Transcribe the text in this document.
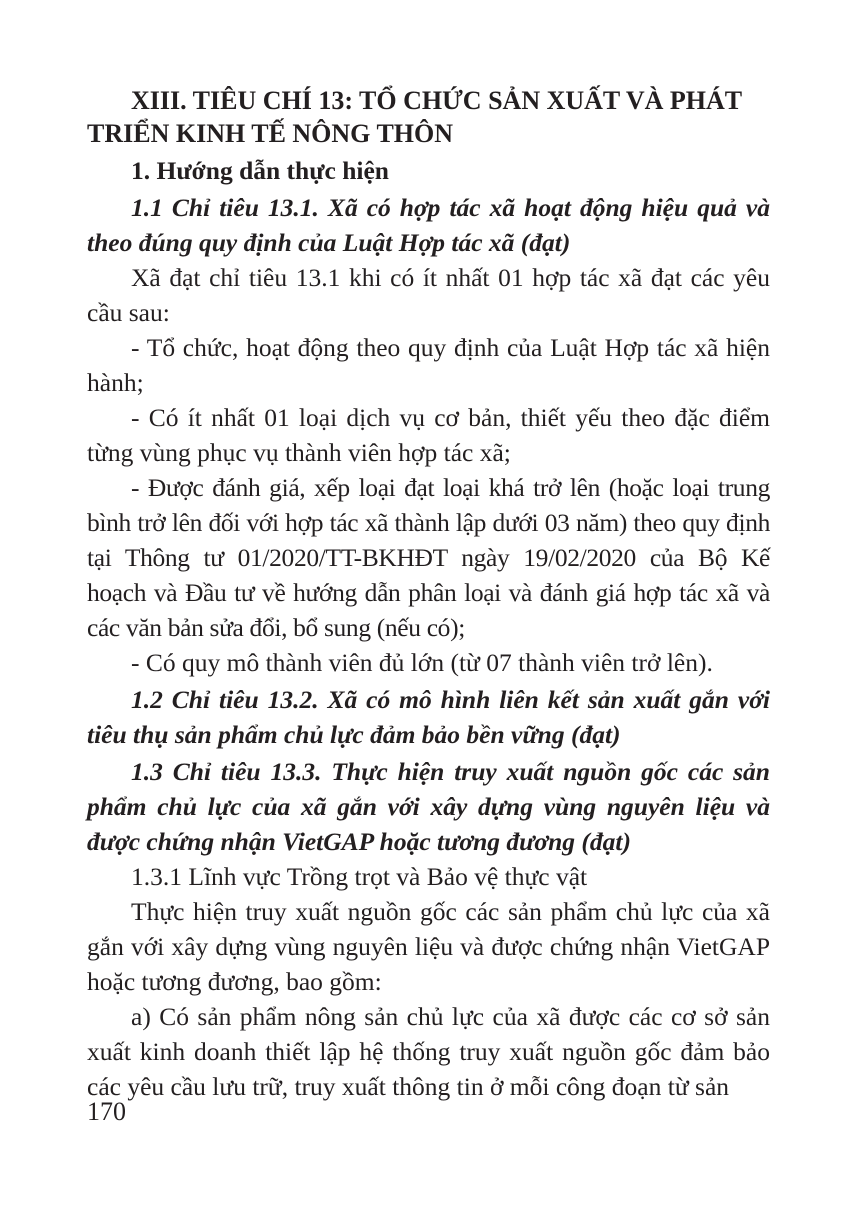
XIII. TIÊU CHÍ 13: TỔ CHỨC SẢN XUẤT VÀ PHÁT TRIỂN KINH TẾ NÔNG THÔN

1. Hướng dẫn thực hiện

1.1 Chỉ tiêu 13.1. Xã có hợp tác xã hoạt động hiệu quả và theo đúng quy định của Luật Hợp tác xã (đạt)

Xã đạt chỉ tiêu 13.1 khi có ít nhất 01 hợp tác xã đạt các yêu cầu sau:

- Tổ chức, hoạt động theo quy định của Luật Hợp tác xã hiện hành;

- Có ít nhất 01 loại dịch vụ cơ bản, thiết yếu theo đặc điểm từng vùng phục vụ thành viên hợp tác xã;

- Được đánh giá, xếp loại đạt loại khá trở lên (hoặc loại trung bình trở lên đối với hợp tác xã thành lập dưới 03 năm) theo quy định tại Thông tư 01/2020/TT-BKHĐT ngày 19/02/2020 của Bộ Kế hoạch và Đầu tư về hướng dẫn phân loại và đánh giá hợp tác xã và các văn bản sửa đổi, bổ sung (nếu có);

- Có quy mô thành viên đủ lớn (từ 07 thành viên trở lên).

1.2 Chỉ tiêu 13.2. Xã có mô hình liên kết sản xuất gắn với tiêu thụ sản phẩm chủ lực đảm bảo bền vững (đạt)

1.3 Chỉ tiêu 13.3. Thực hiện truy xuất nguồn gốc các sản phẩm chủ lực của xã gắn với xây dựng vùng nguyên liệu và được chứng nhận VietGAP hoặc tương đương (đạt)

1.3.1 Lĩnh vực Trồng trọt và Bảo vệ thực vật

Thực hiện truy xuất nguồn gốc các sản phẩm chủ lực của xã gắn với xây dựng vùng nguyên liệu và được chứng nhận VietGAP hoặc tương đương, bao gồm:

a) Có sản phẩm nông sản chủ lực của xã được các cơ sở sản xuất kinh doanh thiết lập hệ thống truy xuất nguồn gốc đảm bảo các yêu cầu lưu trữ, truy xuất thông tin ở mỗi công đoạn từ sản

170
